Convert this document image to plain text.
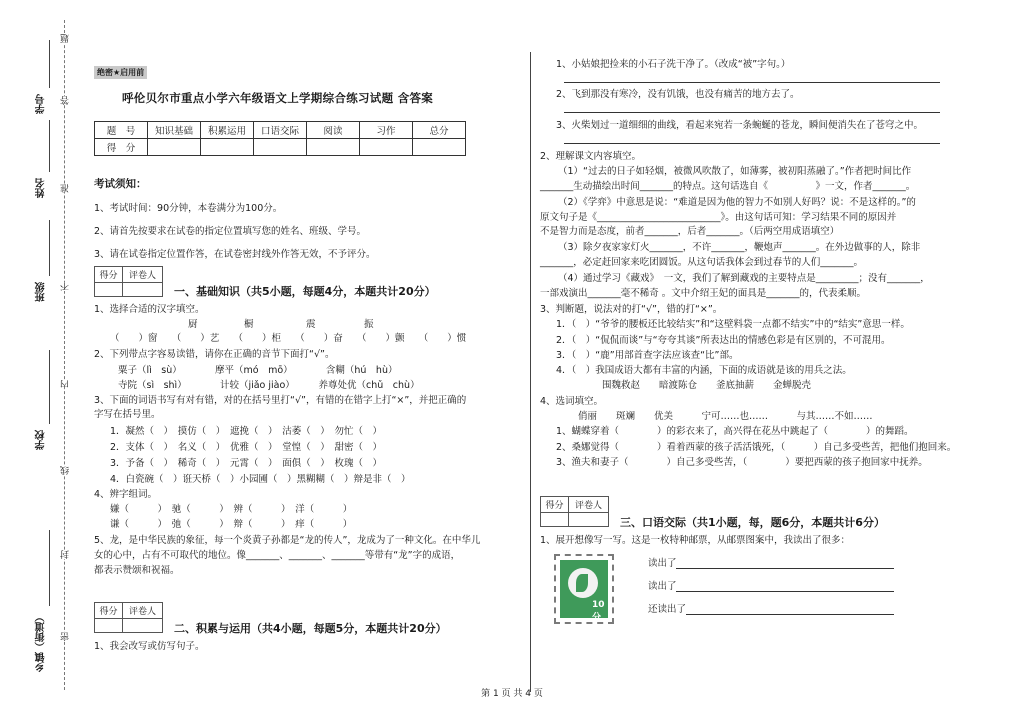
学号
姓名
班级
学校
乡镇（街道）
题
答
准
不
内
线
封
密
绝密★启用前
呼伦贝尔市重点小学六年级语文上学期综合练习试题 含答案
题　号	知识基础	积累运用	口语交际	阅读	习作	总分
得　分						
考试须知：
1、考试时间：90分钟，本卷满分为100分。
2、请首先按要求在试卷的指定位置填写您的姓名、班级、学号。
3、请在试卷指定位置作答，在试卷密封线外作答无效，不予评分。
得分	评卷人

一、基础知识（共5小题，每题4分，本题共计20分）
1、选择合适的汉字填空。
厨	橱	震	振
（　　）窗　　（　　）艺　　（　　）柜　　（　　）奋　　（　　）颤　　（　　）惯
2、下列带点字容易读错，请你在正确的音节下面打“√”。
粟子（lì　sù）　　　　摩平（mó　mō）　　　　含糊（hú　hù）
寺院（sì　shì）　　　　计较（jiǎo jiào）　　　养尊处优（chǔ　chù）
3、下面的词语书写有对有错，对的在括号里打“√”，有错的在错字上打“×”，并把正确的
字写在括号里。
1．凝然（　）　摸仿（　）　遮挽（　）　沽萎（　）　勿忙（　）
2．支体（　）　名义（　）　优雅（　）　堂惶（　）　甜密（　）
3．予备（　）　稀奇（　）　元霄（　）　面俱（　）　枚瑰（　）
4．白瓷碗（　）诳天桥（　）小园圃（　）黑糊糊（　）辩是非（　）
4、辨字组词。
嫌（　　　）　驰（　　　）　辨（　　　）　洋（　　　）
谦（　　　）　弛（　　　）　辩（　　　）　痒（　　　）
5、龙，是中华民族的象征，每一个炎黄子孙都是“龙的传人”，龙成为了一种文化。在中华儿
女的心中，占有不可取代的地位。像_______、_______、_______等带有“龙”字的成语，
都表示赞颂和祝福。
得分	评卷人

二、积累与运用（共4小题，每题5分，本题共计20分）
1、我会改写或仿写句子。
1、小姑娘把捡来的小石子洗干净了。（改成“被”字句。）
2、飞到那没有寒冷，没有饥饿，也没有痛苦的地方去了。
3、火柴划过一道细细的曲线，看起来宛若一条蜿蜒的苍龙，瞬间便消失在了苍穹之中。
2、理解课文内容填空。
（1）“过去的日子如轻烟，被微风吹散了，如薄雾，被初阳蒸融了。”作者把时间比作
_______生动描绘出时间_______的特点。这句话选自《　　　　　》一文，作者_______。
（2）《学弈》中意思是说：“难道是因为他的智力不如别人好吗？说：不是这样的。”的
原文句子是《__________________________》。由这句话可知：学习结果不同的原因并
不是智力而是态度，前者_______，后者_______。（后两空用成语填空）
（3）除夕夜家家灯火_______，不许_______，鞭炮声_______。在外边做事的人，除非
_______，必定赶回家来吃团圆饭。从这句话我体会到过春节的人们_______。
（4）通过学习《藏戏》　一文，我们了解到藏戏的主要特点是_________；没有_______，
一部戏演出_______毫不稀奇 。文中介绍王妃的面具是_______的，代表柔顺。
3、判断题，说法对的打“√”，错的打“×”。
1．（　）“爷爷的腰板还比较结实”和“这壁料袋一点都不结实”中的“结实”意思一样。
2．（　）“侃侃而谈”与“夸夸其谈”所表达出的情感色彩是有区别的，不可混用。
3．（　）“鹿”用部首查字法应该查“比”部。
4．（　）我国成语大都有丰富的内涵，下面的成语就是该的用兵之法。
围魏救赵　　暗渡陈仓　　釜底抽薪　　金蝉脱壳
4、选词填空。
俏丽　　斑斓　　优美　　　宁可……也……　　　与其……不如……
1、蝴蝶穿着（　　　　）的彩衣来了，高兴得在花丛中跳起了（　　　　）的舞蹈。
2、桑娜觉得（　　　　）看着西蒙的孩子活活饿死，（　　　）自己多受些苦，把他们抱回来。
3、渔夫和妻子（　　　　）自己多受些苦，（　　　　）要把西蒙的孩子抱回家中抚养。
得分	评卷人

三、口语交际（共1小题，每，题6分，本题共计6分）
1、展开想像写一写。这是一枚特种邮票，从邮票图案中，我读出了很多：
读出了
读出了
还读出了
10分
第 1 页 共 4 页
